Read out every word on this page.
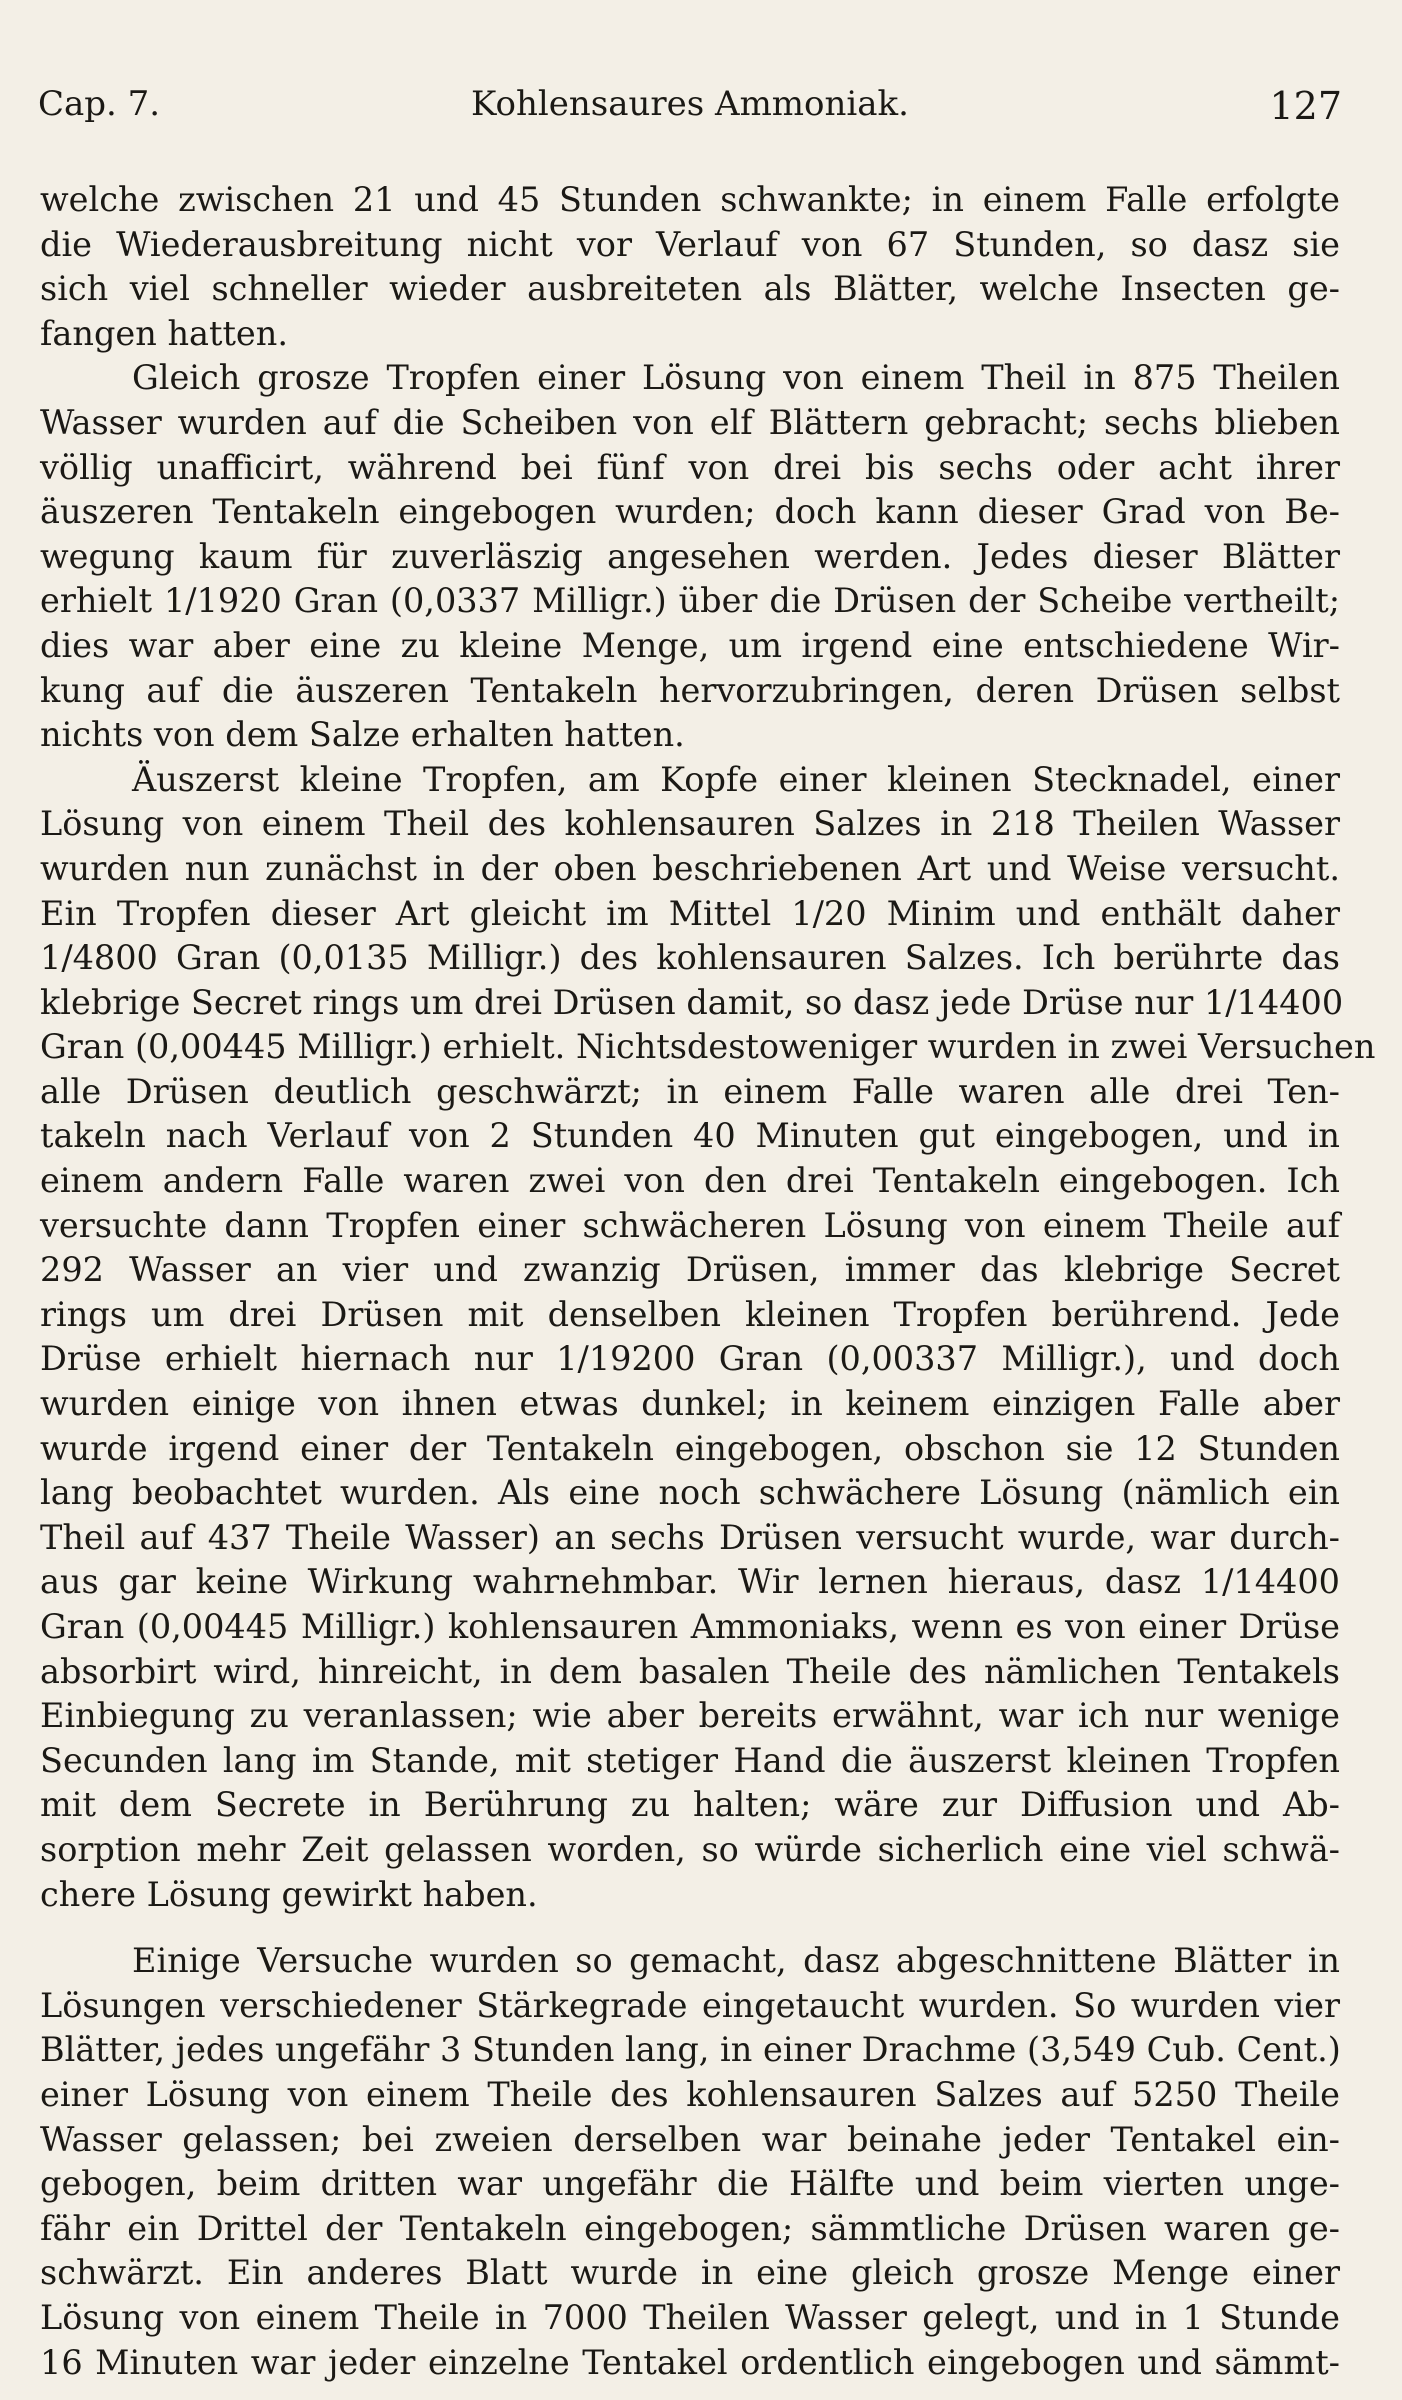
Cap. 7.	Kohlensaures Ammoniak.	127
welche zwischen 21 und 45 Stunden schwankte; in einem Falle erfolgte
die Wiederausbreitung nicht vor Verlauf von 67 Stunden, so dasz sie
sich viel schneller wieder ausbreiteten als Blätter, welche Insecten ge-
fangen hatten.
Gleich grosze Tropfen einer Lösung von einem Theil in 875 Theilen
Wasser wurden auf die Scheiben von elf Blättern gebracht; sechs blieben
völlig unafficirt, während bei fünf von drei bis sechs oder acht ihrer
äuszeren Tentakeln eingebogen wurden; doch kann dieser Grad von Be-
wegung kaum für zuverläszig angesehen werden. Jedes dieser Blätter
erhielt 1/1920 Gran (0,0337 Milligr.) über die Drüsen der Scheibe vertheilt;
dies war aber eine zu kleine Menge, um irgend eine entschiedene Wir-
kung auf die äuszeren Tentakeln hervorzubringen, deren Drüsen selbst
nichts von dem Salze erhalten hatten.
Äuszerst kleine Tropfen, am Kopfe einer kleinen Stecknadel, einer
Lösung von einem Theil des kohlensauren Salzes in 218 Theilen Wasser
wurden nun zunächst in der oben beschriebenen Art und Weise versucht.
Ein Tropfen dieser Art gleicht im Mittel 1/20 Minim und enthält daher
1/4800 Gran (0,0135 Milligr.) des kohlensauren Salzes. Ich berührte das
klebrige Secret rings um drei Drüsen damit, so dasz jede Drüse nur 1/14400
Gran (0,00445 Milligr.) erhielt. Nichtsdestoweniger wurden in zwei Versuchen
alle Drüsen deutlich geschwärzt; in einem Falle waren alle drei Ten-
takeln nach Verlauf von 2 Stunden 40 Minuten gut eingebogen, und in
einem andern Falle waren zwei von den drei Tentakeln eingebogen. Ich
versuchte dann Tropfen einer schwächeren Lösung von einem Theile auf
292 Wasser an vier und zwanzig Drüsen, immer das klebrige Secret
rings um drei Drüsen mit denselben kleinen Tropfen berührend. Jede
Drüse erhielt hiernach nur 1/19200 Gran (0,00337 Milligr.), und doch
wurden einige von ihnen etwas dunkel; in keinem einzigen Falle aber
wurde irgend einer der Tentakeln eingebogen, obschon sie 12 Stunden
lang beobachtet wurden. Als eine noch schwächere Lösung (nämlich ein
Theil auf 437 Theile Wasser) an sechs Drüsen versucht wurde, war durch-
aus gar keine Wirkung wahrnehmbar. Wir lernen hieraus, dasz 1/14400
Gran (0,00445 Milligr.) kohlensauren Ammoniaks, wenn es von einer Drüse
absorbirt wird, hinreicht, in dem basalen Theile des nämlichen Tentakels
Einbiegung zu veranlassen; wie aber bereits erwähnt, war ich nur wenige
Secunden lang im Stande, mit stetiger Hand die äuszerst kleinen Tropfen
mit dem Secrete in Berührung zu halten; wäre zur Diffusion und Ab-
sorption mehr Zeit gelassen worden, so würde sicherlich eine viel schwä-
chere Lösung gewirkt haben.
Einige Versuche wurden so gemacht, dasz abgeschnittene Blätter in
Lösungen verschiedener Stärkegrade eingetaucht wurden. So wurden vier
Blätter, jedes ungefähr 3 Stunden lang, in einer Drachme (3,549 Cub. Cent.)
einer Lösung von einem Theile des kohlensauren Salzes auf 5250 Theile
Wasser gelassen; bei zweien derselben war beinahe jeder Tentakel ein-
gebogen, beim dritten war ungefähr die Hälfte und beim vierten unge-
fähr ein Drittel der Tentakeln eingebogen; sämmtliche Drüsen waren ge-
schwärzt. Ein anderes Blatt wurde in eine gleich grosze Menge einer
Lösung von einem Theile in 7000 Theilen Wasser gelegt, und in 1 Stunde
16 Minuten war jeder einzelne Tentakel ordentlich eingebogen und sämmt-
